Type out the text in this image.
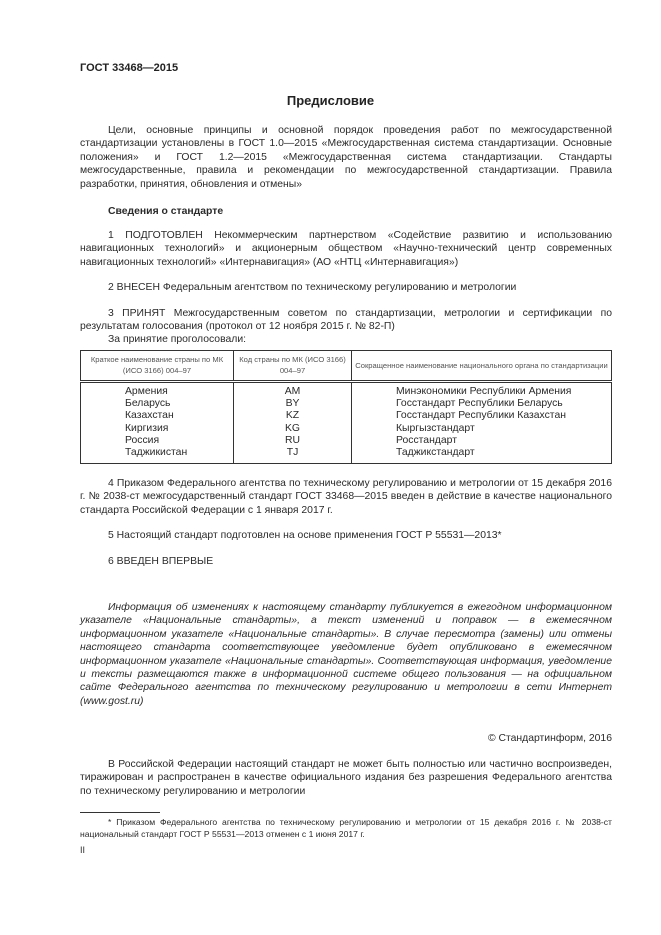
ГОСТ 33468—2015
Предисловие
Цели, основные принципы и основной порядок проведения работ по межгосударственной стандартизации установлены в ГОСТ 1.0—2015 «Межгосударственная система стандартизации. Основные положения» и ГОСТ 1.2—2015 «Межгосударственная система стандартизации. Стандарты межгосударственные, правила и рекомендации по межгосударственной стандартизации. Правила разработки, принятия, обновления и отмены»
Сведения о стандарте
1 ПОДГОТОВЛЕН Некоммерческим партнерством «Содействие развитию и использованию навигационных технологий» и акционерным обществом «Научно-технический центр современных навигационных технологий» «Интернавигация» (АО «НТЦ «Интернавигация»)
2 ВНЕСЕН Федеральным агентством по техническому регулированию и метрологии
3 ПРИНЯТ Межгосударственным советом по стандартизации, метрологии и сертификации по результатам голосования (протокол от 12 ноября 2015 г. № 82-П)
За принятие проголосовали:
Краткое наименование страны по МК (ИСО 3166) 004–97	Код страны по МК (ИСО 3166) 004–97	Сокращенное наименование национального органа по стандартизации
Армения	AM	Минэкономики Республики Армения
Беларусь	BY	Госстандарт Республики Беларусь
Казахстан	KZ	Госстандарт Республики Казахстан
Киргизия	KG	Кыргызстандарт
Россия	RU	Росстандарт
Таджикистан	TJ	Таджикстандарт
4 Приказом Федерального агентства по техническому регулированию и метрологии от 15 декабря 2016 г. № 2038-ст межгосударственный стандарт ГОСТ 33468—2015 введен в действие в качестве национального стандарта Российской Федерации с 1 января 2017 г.
5 Настоящий стандарт подготовлен на основе применения ГОСТ Р 55531—2013*
6 ВВЕДЕН ВПЕРВЫЕ
Информация об изменениях к настоящему стандарту публикуется в ежегодном информационном указателе «Национальные стандарты», а текст изменений и поправок — в ежемесячном информационном указателе «Национальные стандарты». В случае пересмотра (замены) или отмены настоящего стандарта соответствующее уведомление будет опубликовано в ежемесячном информационном указателе «Национальные стандарты». Соответствующая информация, уведомление и тексты размещаются также в информационной системе общего пользования — на официальном сайте Федерального агентства по техническому регулированию и метрологии в сети Интернет (www.gost.ru)
© Стандартинформ, 2016
В Российской Федерации настоящий стандарт не может быть полностью или частично воспроизведен, тиражирован и распространен в качестве официального издания без разрешения Федерального агентства по техническому регулированию и метрологии
* Приказом Федерального агентства по техническому регулированию и метрологии от 15 декабря 2016 г. № 2038-ст национальный стандарт ГОСТ Р 55531—2013 отменен с 1 июня 2017 г.
II
